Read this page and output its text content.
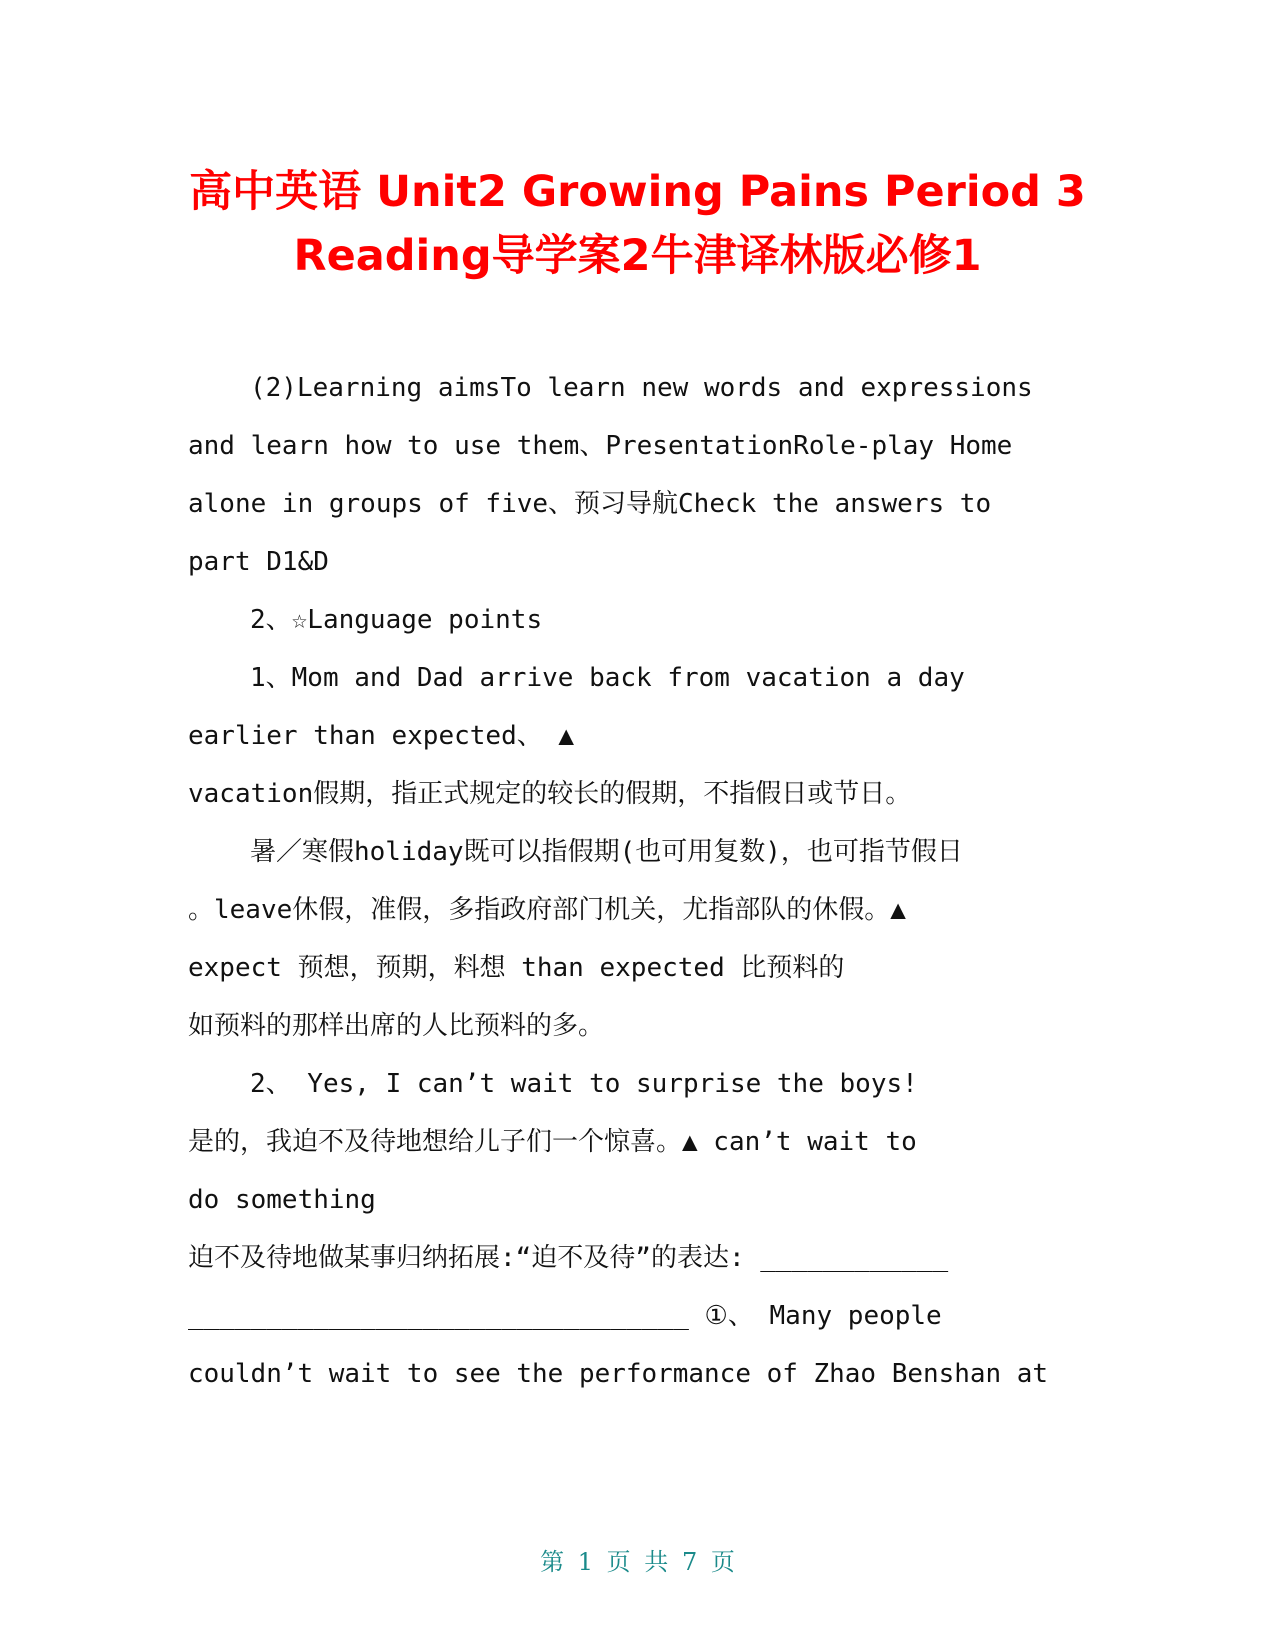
高中英语 Unit2 Growing Pains Period 3
Reading导学案2牛津译林版必修1
(2)Learning aimsTo learn new words and expressions
and learn how to use them、PresentationRole-play Home
alone in groups of five、预习导航Check the answers to
part D1&D
2、☆Language points
1、Mom and Dad arrive back from vacation a day
earlier than expected、 ▲
vacation假期，指正式规定的较长的假期，不指假日或节日。
暑／寒假holiday既可以指假期(也可用复数)，也可指节假日
。leave休假，准假，多指政府部门机关，尤指部队的休假。▲
expect 预想，预期，料想 than expected 比预料的
如预料的那样出席的人比预料的多。
2、 Yes, I can’t wait to surprise the boys!
是的，我迫不及待地想给儿子们一个惊喜。▲ can’t wait to
do something
迫不及待地做某事归纳拓展:“迫不及待”的表达: ____________
________________________________ ①、 Many people
couldn’t wait to see the performance of Zhao Benshan at
第 1 页 共 7 页
